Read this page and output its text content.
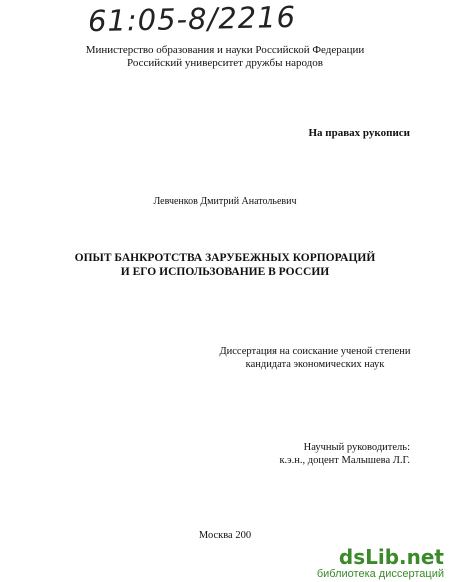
61:05-8/2216
Министерство образования и науки Российской Федерации
Российский университет дружбы народов
На правах рукописи
Левченков Дмитрий Анатольевич
ОПЫТ БАНКРОТСТВА ЗАРУБЕЖНЫХ КОРПОРАЦИЙ
И ЕГО ИСПОЛЬЗОВАНИЕ В РОССИИ
Диссертация на соискание ученой степени
кандидата экономических наук
Научный руководитель:
к.э.н., доцент Малышева Л.Г.
Москва 200
dsLib.net
библиотека диссертаций
